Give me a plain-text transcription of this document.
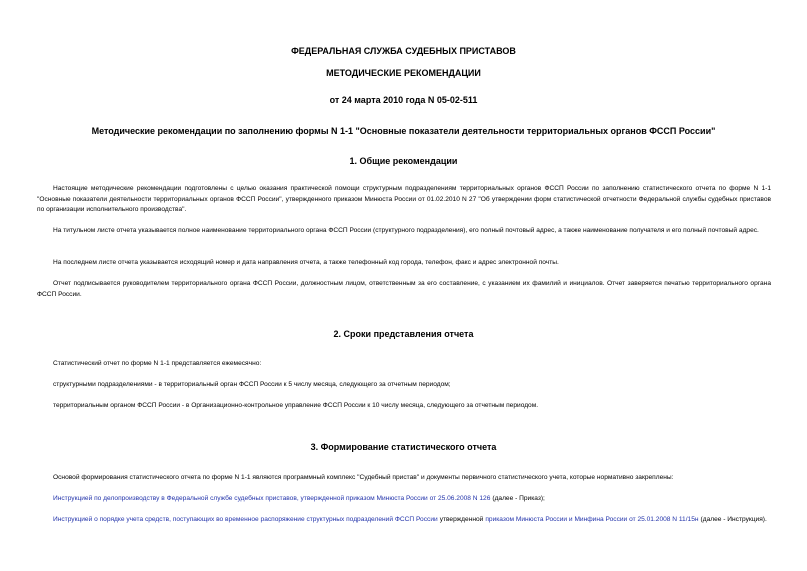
ФЕДЕРАЛЬНАЯ СЛУЖБА СУДЕБНЫХ ПРИСТАВОВ
МЕТОДИЧЕСКИЕ РЕКОМЕНДАЦИИ
от 24 марта 2010 года N 05-02-511
Методические рекомендации по заполнению формы N 1-1 "Основные показатели деятельности территориальных органов ФССП России"
1. Общие рекомендации
Настоящие методические рекомендации подготовлены с целью оказания практической помощи структурным подразделениям территориальных органов ФССП России по заполнению статистического отчета по форме N 1-1 "Основные показатели деятельности территориальных органов ФССП России", утвержденного приказом Минюста России от 01.02.2010 N 27 "Об утверждении форм статистической отчетности Федеральной службы судебных приставов по организации исполнительного производства".
На титульном листе отчета указывается полное наименование территориального органа ФССП России (структурного подразделения), его полный почтовый адрес, а также наименование получателя и его полный почтовый адрес.
На последнем листе отчета указывается исходящий номер и дата направления отчета, а также телефонный код города, телефон, факс и адрес электронной почты.
Отчет подписывается руководителем территориального органа ФССП России, должностным лицом, ответственным за его составление, с указанием их фамилий и инициалов. Отчет заверяется печатью территориального органа ФССП России.
2. Сроки представления отчета
Статистический отчет по форме N 1-1 представляется ежемесячно:
структурными подразделениями - в территориальный орган ФССП России к 5 числу месяца, следующего за отчетным периодом;
территориальным органом ФССП России - в Организационно-контрольное управление ФССП России к 10 числу месяца, следующего за отчетным периодом.
3. Формирование статистического отчета
Основой формирования статистического отчета по форме N 1-1 являются программный комплекс "Судебный пристав" и документы первичного статистического учета, которые нормативно закреплены:
Инструкцией по делопроизводству в Федеральной службе судебных приставов, утвержденной приказом Минюста России от 25.06.2008 N 126 (далее - Приказ);
Инструкцией о порядке учета средств, поступающих во временное распоряжение структурных подразделений ФССП России утвержденной приказом Минюста России и Минфина России от 25.01.2008 N 11/15н (далее - Инструкция).
